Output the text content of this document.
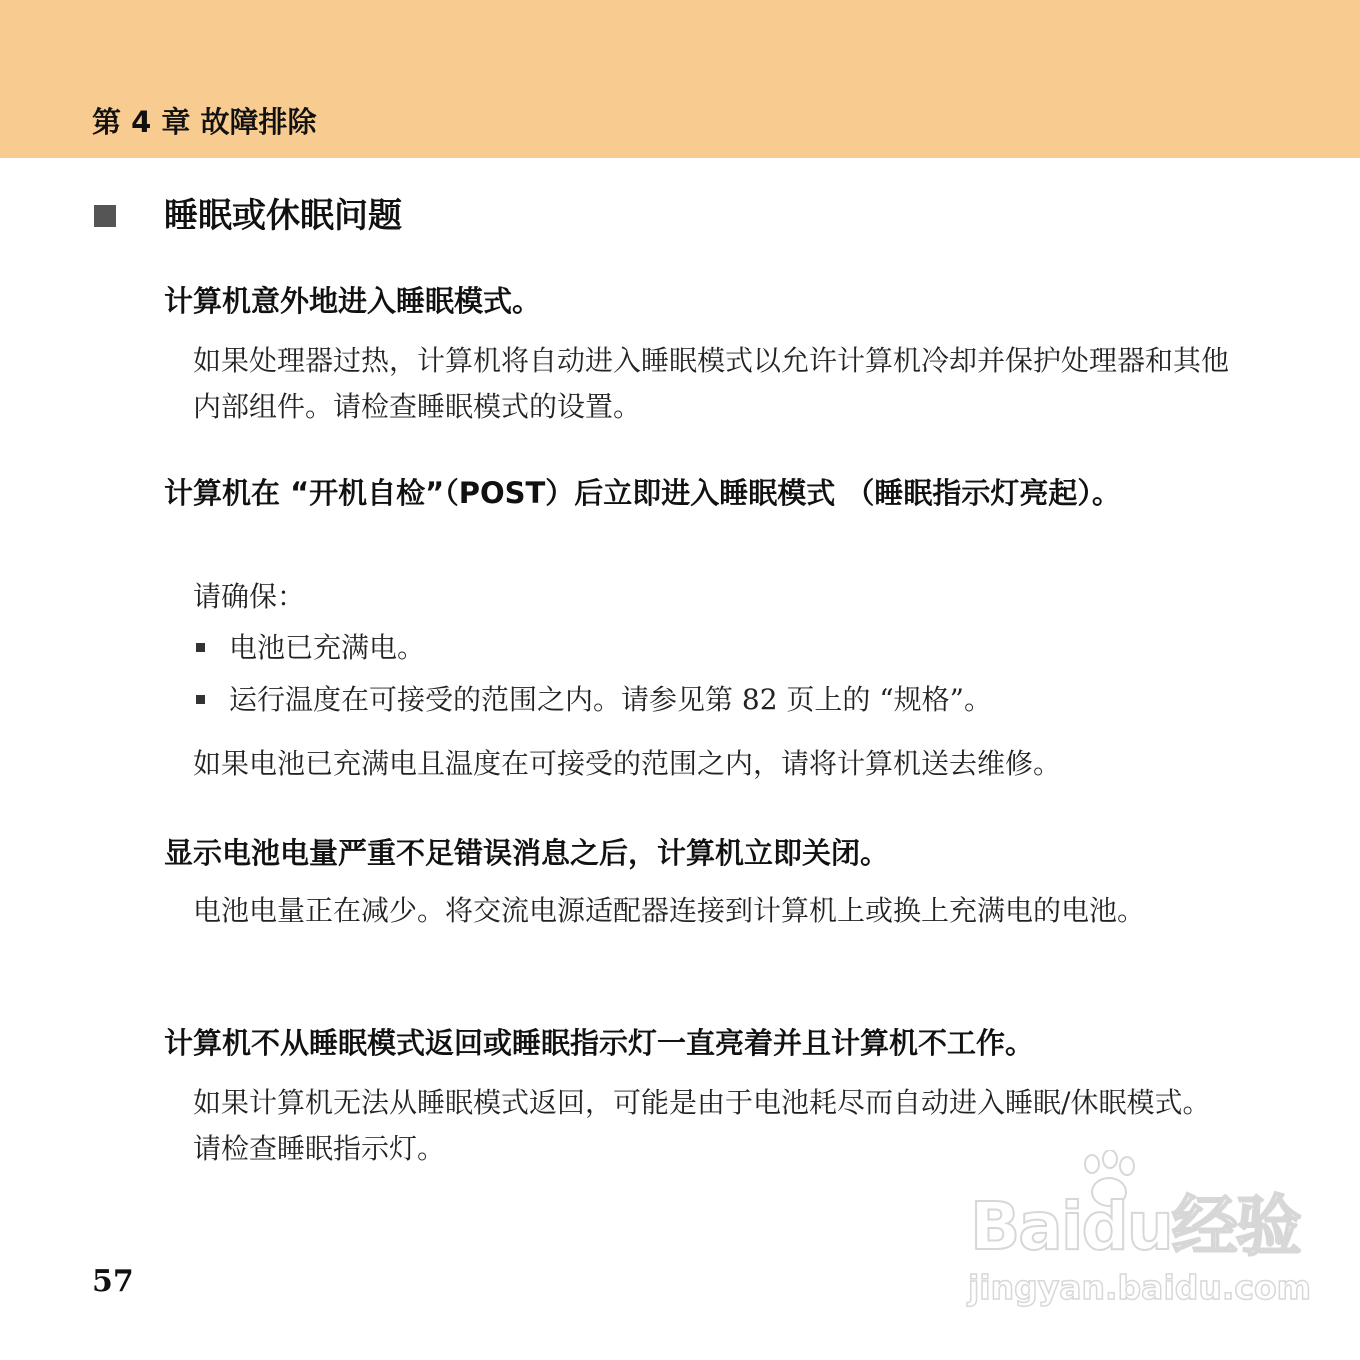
第 4 章 故障排除
睡眠或休眠问题
计算机意外地进入睡眠模式。
如果处理器过热，计算机将自动进入睡眠模式以允许计算机冷却并保护处理器和其他内部组件。请检查睡眠模式的设置。
计算机在 “开机自检”（POST）后立即进入睡眠模式 （睡眠指示灯亮起）。
请确保：
电池已充满电。
运行温度在可接受的范围之内。请参见第 82 页上的 “规格”。
如果电池已充满电且温度在可接受的范围之内，请将计算机送去维修。
显示电池电量严重不足错误消息之后，计算机立即关闭。
电池电量正在减少。将交流电源适配器连接到计算机上或换上充满电的电池。
计算机不从睡眠模式返回或睡眠指示灯一直亮着并且计算机不工作。
如果计算机无法从睡眠模式返回，可能是由于电池耗尽而自动进入睡眠/休眠模式。请检查睡眠指示灯。
57
Baidu经验
jingyan.baidu.com
